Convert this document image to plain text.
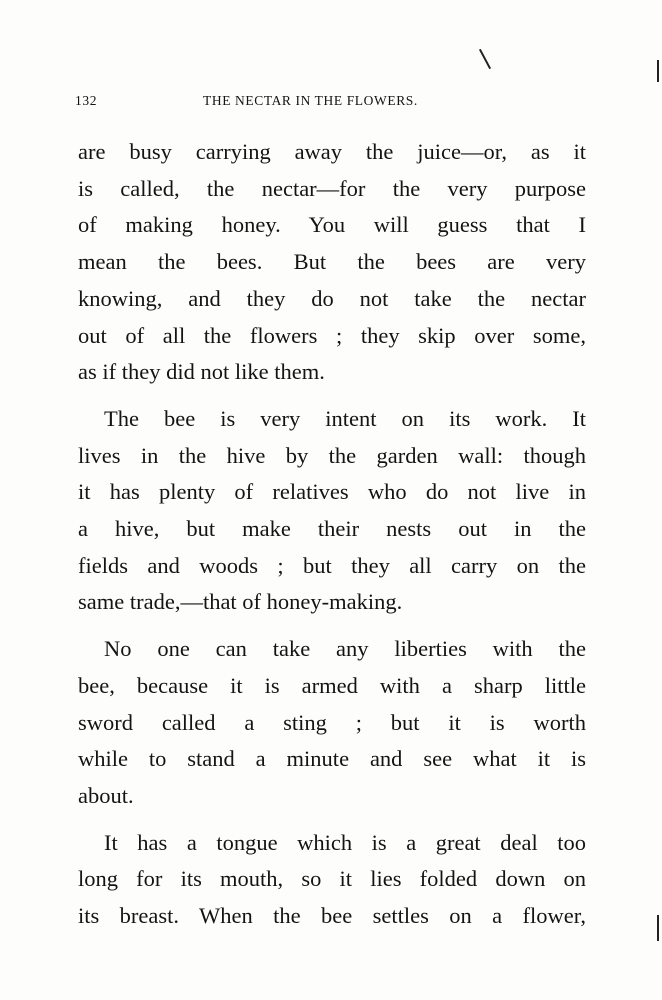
132	THE NECTAR IN THE FLOWERS.

are busy carrying away the juice—or, as it
is called, the nectar—for the very purpose
of making honey. You will guess that I
mean the bees. But the bees are very
knowing, and they do not take the nectar
out of all the flowers ; they skip over some,
as if they did not like them.

The bee is very intent on its work. It
lives in the hive by the garden wall: though
it has plenty of relatives who do not live in
a hive, but make their nests out in the
fields and woods ; but they all carry on the
same trade,—that of honey-making.

No one can take any liberties with the
bee, because it is armed with a sharp little
sword called a sting ; but it is worth
while to stand a minute and see what it is
about.

It has a tongue which is a great deal too
long for its mouth, so it lies folded down on
its breast. When the bee settles on a flower,
